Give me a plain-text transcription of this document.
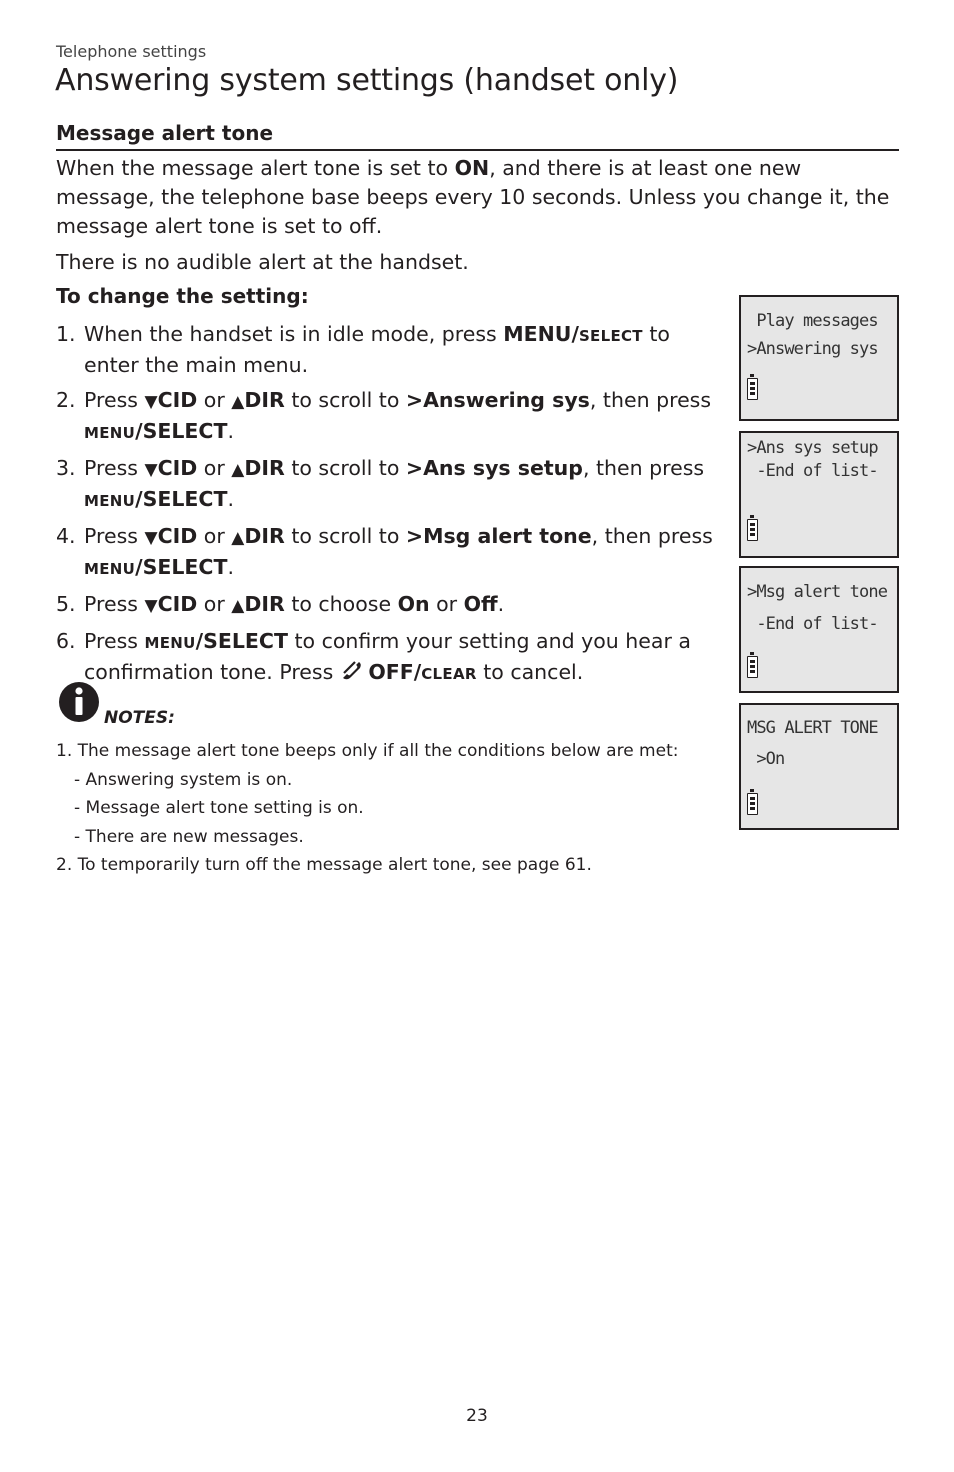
Telephone settings
Answering system settings (handset only)
Message alert tone

When the message alert tone is set to ON, and there is at least one new message, the telephone base beeps every 10 seconds. Unless you change it, the message alert tone is set to off.

There is no audible alert at the handset.

To change the setting:
1. When the handset is in idle mode, press MENU/SELECT to enter the main menu.
2. Press ▼CID or ▲DIR to scroll to >Answering sys, then press MENU/SELECT.
3. Press ▼CID or ▲DIR to scroll to >Ans sys setup, then press MENU/SELECT.
4. Press ▼CID or ▲DIR to scroll to >Msg alert tone, then press MENU/SELECT.
5. Press ▼CID or ▲DIR to choose On or Off.
6. Press MENU/SELECT to confirm your setting and you hear a confirmation tone. Press  OFF/CLEAR to cancel.
NOTES:
1. The message alert tone beeps only if all the conditions below are met:
- Answering system is on.
- Message alert tone setting is on.
- There are new messages.
2. To temporarily turn off the message alert tone, see page 61.
Play messages
>Answering sys
>Ans sys setup
-End of list-
>Msg alert tone
-End of list-
MSG ALERT TONE
>On
23
